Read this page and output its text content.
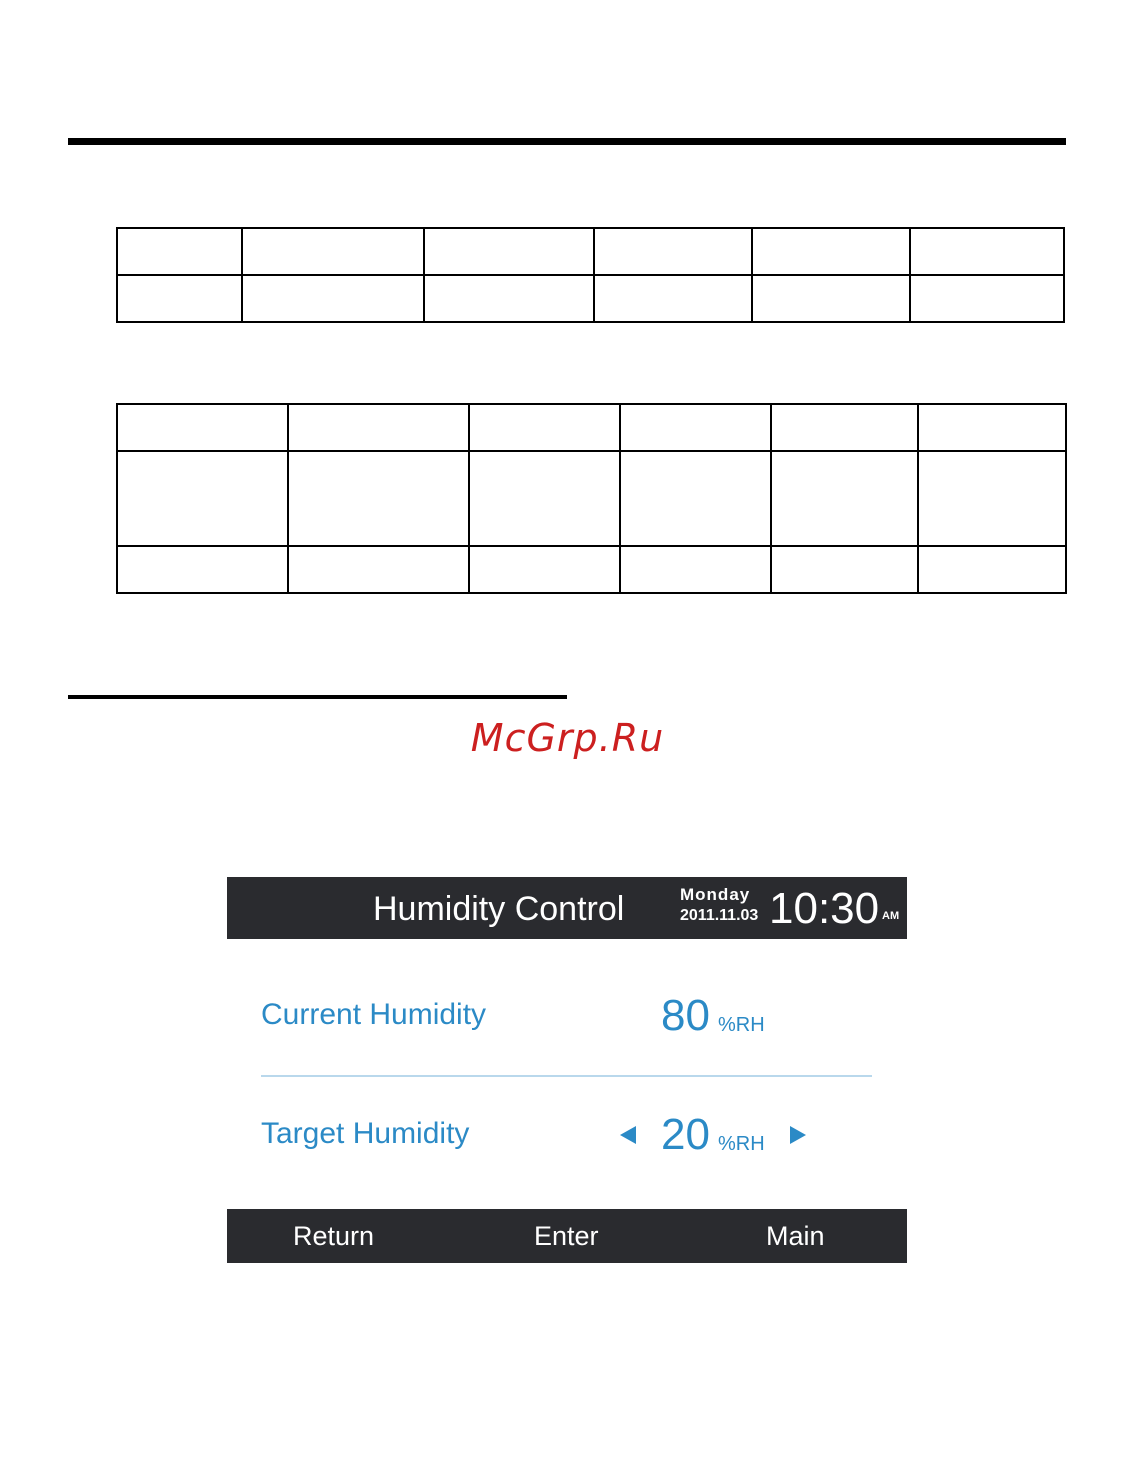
McGrp.Ru
Humidity Control	Monday
2011.11.03 10:30 AM
Current Humidity	80 %RH
Target Humidity	20 %RH
Return	Enter	Main
